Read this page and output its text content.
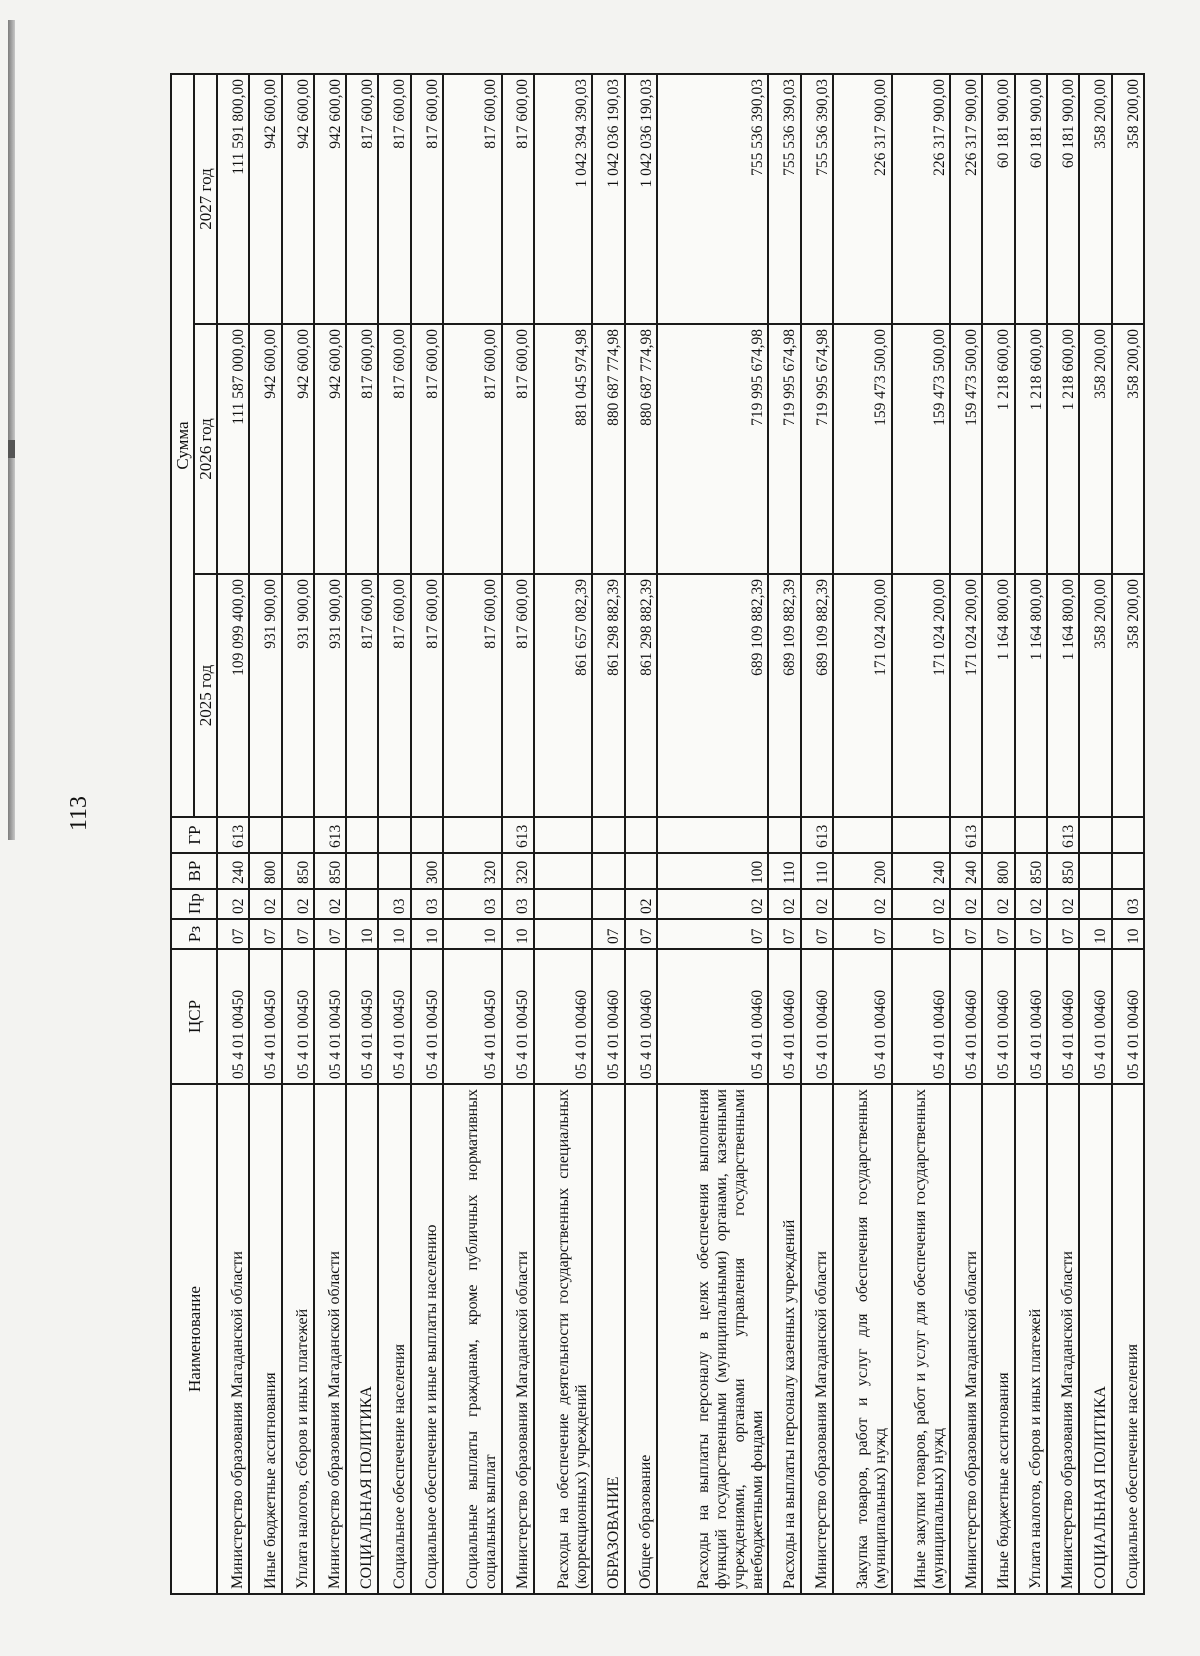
113
Наименование	ЦСР	Рз	Пр	ВР	ГР	Сумма		
						2025 год	2026 год	2027 год
Министерство образования Магаданской области	05 4 01 00450	07	02	240	613	109 099 400,00	111 587 000,00	111 591 800,00
Иные бюджетные ассигнования	05 4 01 00450	07	02	800		931 900,00	942 600,00	942 600,00
Уплата налогов, сборов и иных платежей	05 4 01 00450	07	02	850		931 900,00	942 600,00	942 600,00
Министерство образования Магаданской области	05 4 01 00450	07	02	850	613	931 900,00	942 600,00	942 600,00
СОЦИАЛЬНАЯ ПОЛИТИКА	05 4 01 00450	10				817 600,00	817 600,00	817 600,00
Социальное обеспечение населения	05 4 01 00450	10	03			817 600,00	817 600,00	817 600,00
Социальное обеспечение и иные выплаты населению	05 4 01 00450	10	03	300		817 600,00	817 600,00	817 600,00
Социальные выплаты гражданам, кроме публичных нормативных социальных выплат	05 4 01 00450	10	03	320		817 600,00	817 600,00	817 600,00
Министерство образования Магаданской области	05 4 01 00450	10	03	320	613	817 600,00	817 600,00	817 600,00
Расходы на обеспечение деятельности государственных специальных (коррекционных) учреждений	05 4 01 00460					861 657 082,39	881 045 974,98	1 042 394 390,03
ОБРАЗОВАНИЕ	05 4 01 00460	07				861 298 882,39	880 687 774,98	1 042 036 190,03
Общее образование	05 4 01 00460	07	02			861 298 882,39	880 687 774,98	1 042 036 190,03
Расходы на выплаты персоналу в целях обеспечения выполнения функций государственными (муниципальными) органами, казенными учреждениями, органами управления государственными внебюджетными фондами	05 4 01 00460	07	02	100		689 109 882,39	719 995 674,98	755 536 390,03
Расходы на выплаты персоналу казенных учреждений	05 4 01 00460	07	02	110		689 109 882,39	719 995 674,98	755 536 390,03
Министерство образования Магаданской области	05 4 01 00460	07	02	110	613	689 109 882,39	719 995 674,98	755 536 390,03
Закупка товаров, работ и услуг для обеспечения государственных (муниципальных) нужд	05 4 01 00460	07	02	200		171 024 200,00	159 473 500,00	226 317 900,00
Иные закупки товаров, работ и услуг для обеспечения государственных (муниципальных) нужд	05 4 01 00460	07	02	240		171 024 200,00	159 473 500,00	226 317 900,00
Министерство образования Магаданской области	05 4 01 00460	07	02	240	613	171 024 200,00	159 473 500,00	226 317 900,00
Иные бюджетные ассигнования	05 4 01 00460	07	02	800		1 164 800,00	1 218 600,00	60 181 900,00
Уплата налогов, сборов и иных платежей	05 4 01 00460	07	02	850		1 164 800,00	1 218 600,00	60 181 900,00
Министерство образования Магаданской области	05 4 01 00460	07	02	850	613	1 164 800,00	1 218 600,00	60 181 900,00
СОЦИАЛЬНАЯ ПОЛИТИКА	05 4 01 00460	10				358 200,00	358 200,00	358 200,00
Социальное обеспечение населения	05 4 01 00460	10	03			358 200,00	358 200,00	358 200,00
